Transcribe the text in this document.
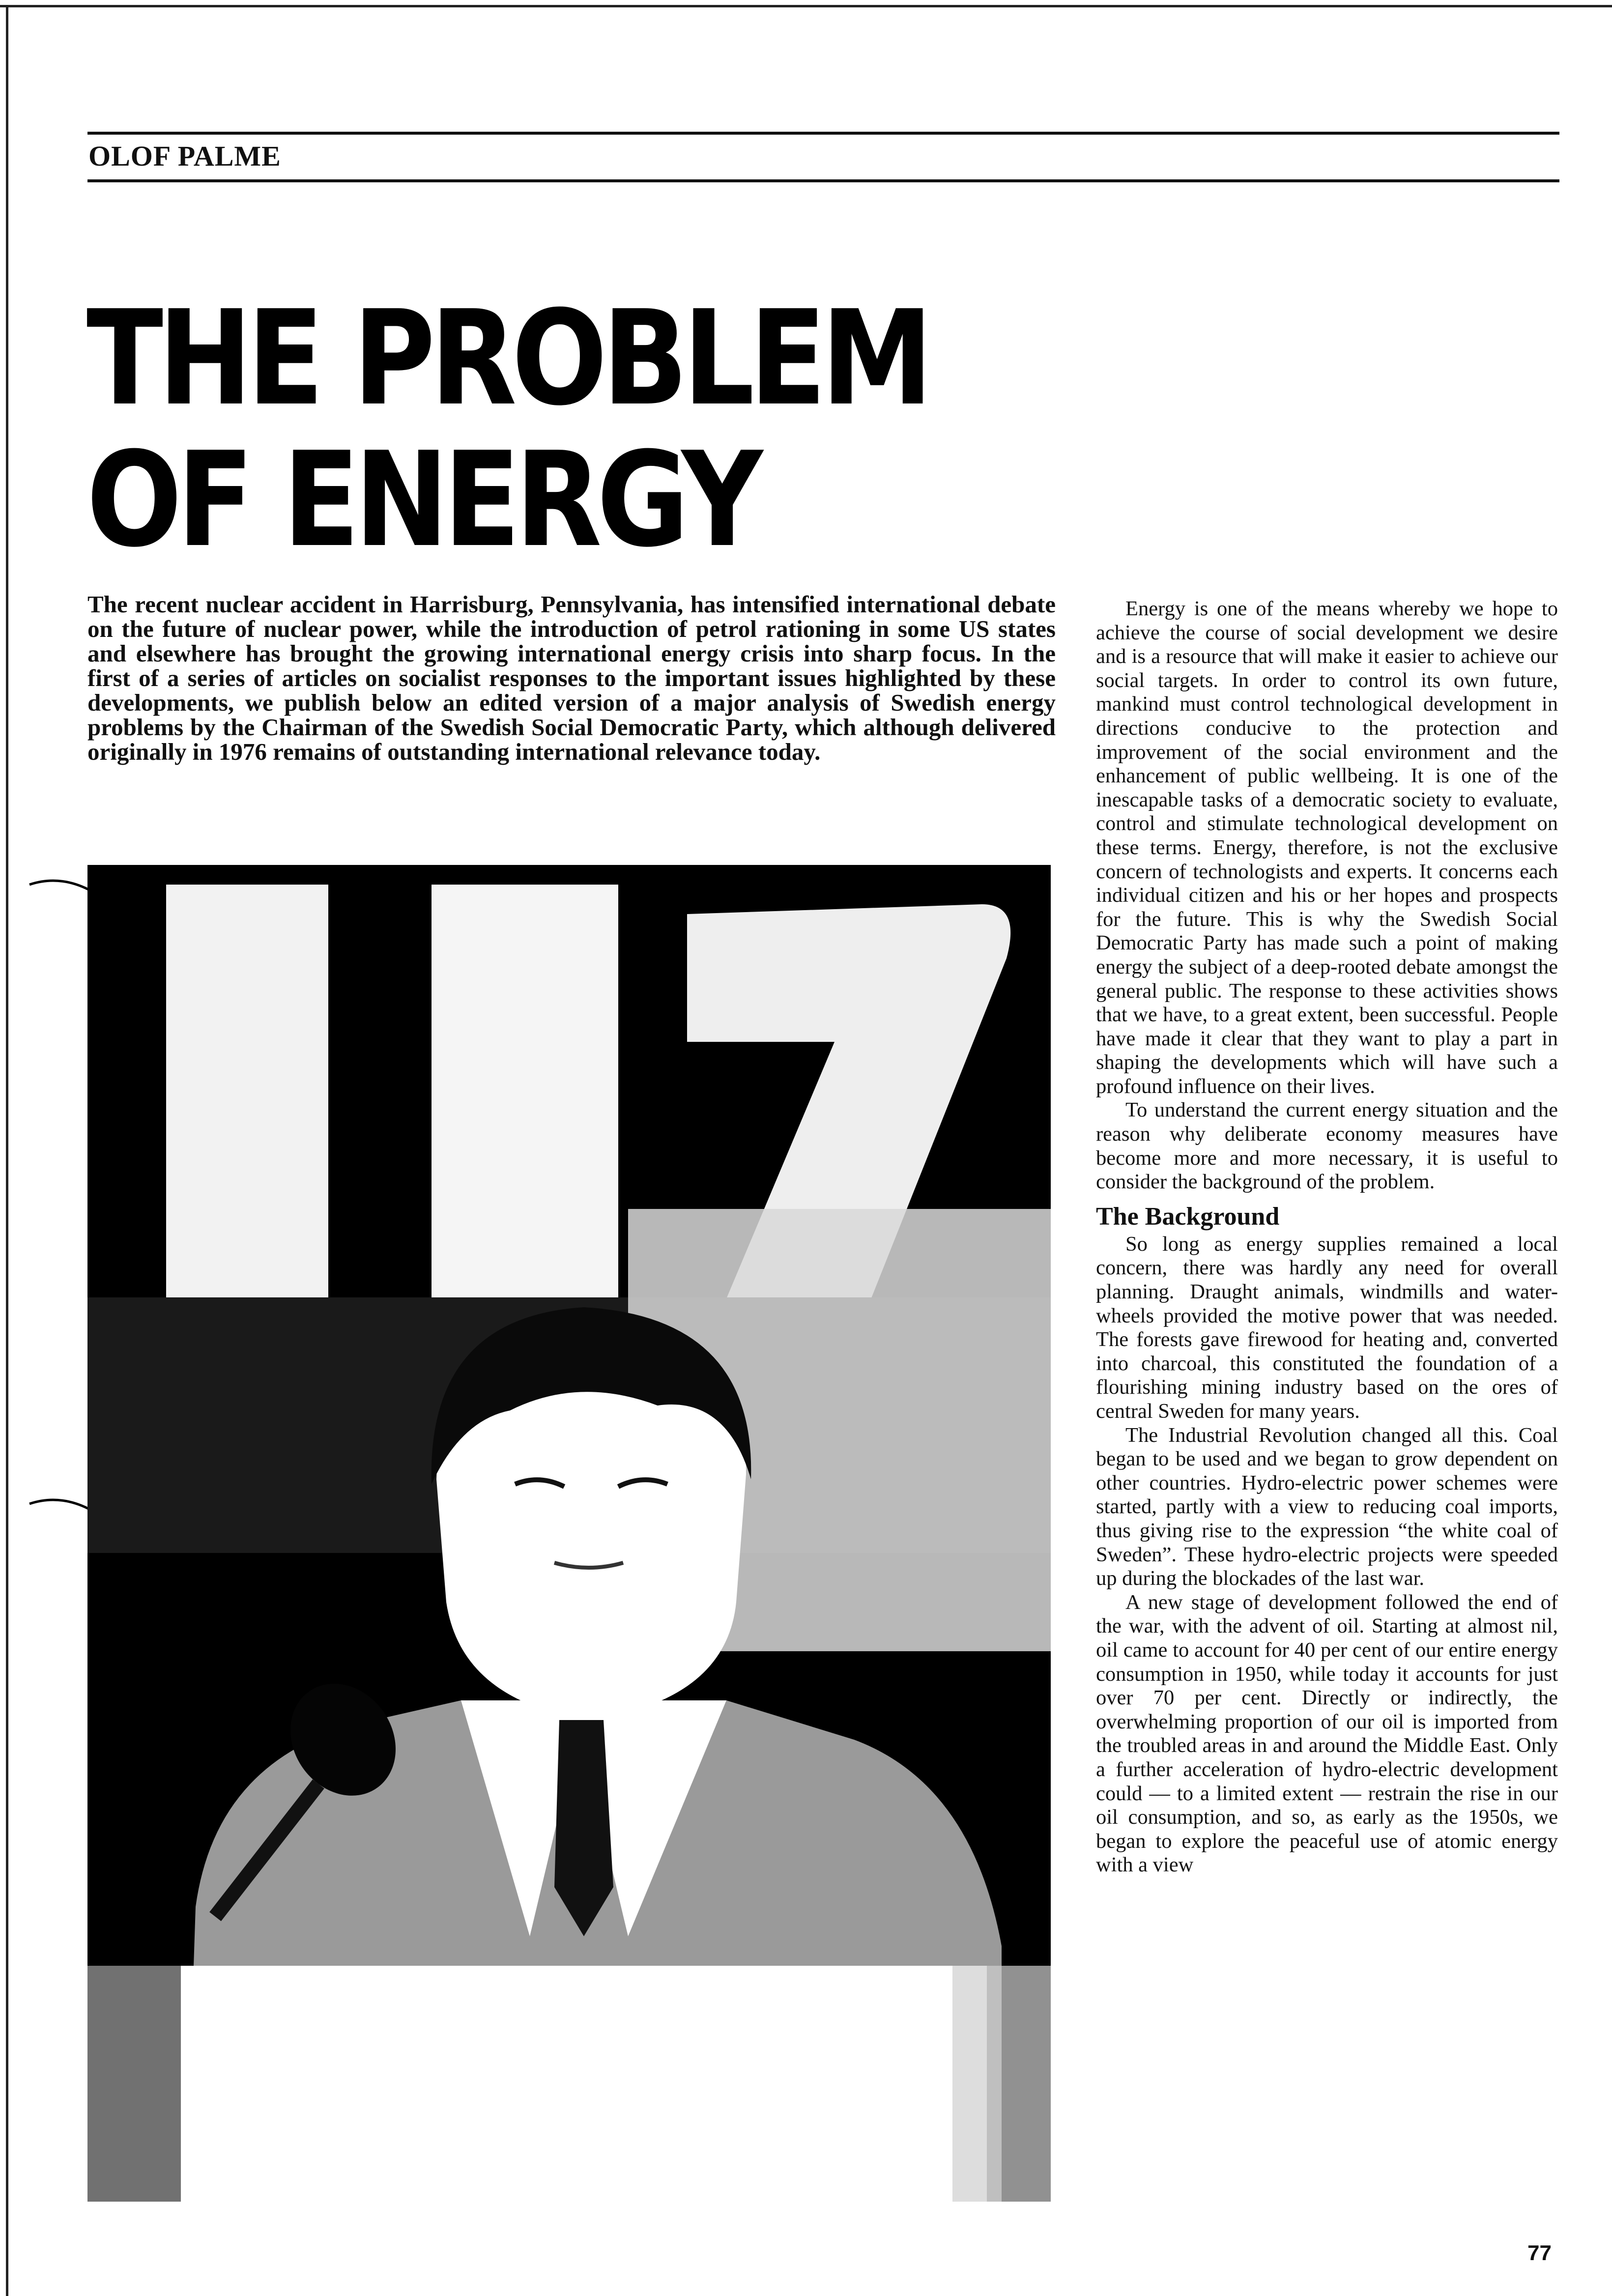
OLOF PALME
THE PROBLEM
OF ENERGY

The recent nuclear accident in Harrisburg, Pennsylvania, has intensified international debate on the future of nuclear power, while the introduction of petrol rationing in some US states and elsewhere has brought the growing international energy crisis into sharp focus. In the first of a series of articles on socialist responses to the important issues highlighted by these developments, we publish below an edited version of a major analysis of Swedish energy problems by the Chairman of the Swedish Social Democratic Party, which although delivered originally in 1976 remains of outstanding international relevance today.

Energy is one of the means whereby we hope to achieve the course of social development we desire and is a resource that will make it easier to achieve our social targets. In order to control its own future, mankind must control technological development in directions conducive to the protection and improvement of the social environment and the enhancement of public wellbeing. It is one of the inescapable tasks of a democratic society to evaluate, control and stimulate technological development on these terms. Energy, therefore, is not the exclusive concern of technologists and experts. It concerns each individual citizen and his or her hopes and prospects for the future. This is why the Swedish Social Democratic Party has made such a point of making energy the subject of a deep-rooted debate amongst the general public. The response to these activities shows that we have, to a great extent, been successful. People have made it clear that they want to play a part in shaping the developments which will have such a profound influence on their lives.

To understand the current energy situation and the reason why deliberate economy measures have become more and more necessary, it is useful to consider the background of the problem.

The Background

So long as energy supplies remained a local concern, there was hardly any need for overall planning. Draught animals, windmills and water-wheels provided the motive power that was needed. The forests gave firewood for heating and, converted into charcoal, this constituted the foundation of a flourishing mining industry based on the ores of central Sweden for many years.

The Industrial Revolution changed all this. Coal began to be used and we began to grow dependent on other countries. Hydro-electric power schemes were started, partly with a view to reducing coal imports, thus giving rise to the expression “the white coal of Sweden”. These hydro-electric projects were speeded up during the blockades of the last war.

A new stage of development followed the end of the war, with the advent of oil. Starting at almost nil, oil came to account for 40 per cent of our entire energy consumption in 1950, while today it accounts for just over 70 per cent. Directly or indirectly, the overwhelming proportion of our oil is imported from the troubled areas in and around the Middle East. Only a further acceleration of hydro-electric development could — to a limited extent — restrain the rise in our oil consumption, and so, as early as the 1950s, we began to explore the peaceful use of atomic energy with a view

77
